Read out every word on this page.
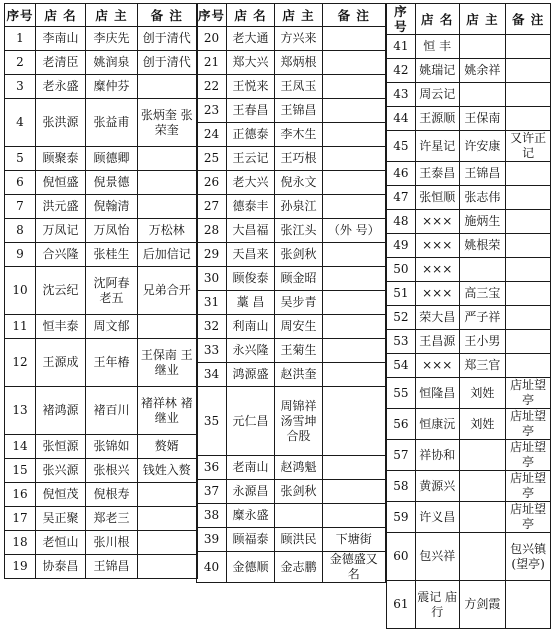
序号	店 名	店 主	备 注
1	李南山	李庆先	创于清代
2	老清臣	姚润泉	创于清代
3	老永盛	糜仲芬	
4	张洪源	张益甫	张炳奎 张荣奎
5	顾聚泰	顾德卿	
6	倪恒盛	倪景德	
7	洪元盛	倪翰清	
8	万凤记	万凤怡	万松林
9	合兴隆	张桂生	后加信记
10	沈云纪	沈阿春 老五	兄弟合开
11	恒丰泰	周文郁	
12	王源成	王年椿	王保南 王继业
13	褚鸿源	褚百川	褚祥林 褚继业
14	张恒源	张锦如	赘婿
15	张兴源	张根兴	钱姓入赘
16	倪恒茂	倪根寿	
17	吴正聚	郑老三	
18	老恒山	张川根	
19	协泰昌	王锦昌	
序号	店 名	店 主	备 注
20	老大通	方兴来	
21	郑大兴	郑炳根	
22	王悦来	王凤玉	
23	王春昌	王锦昌	
24	正德泰	李木生	
25	王云记	王巧根	
26	老大兴	倪永文	
27	德泰丰	孙泉江	
28	大昌福	张江头	（外 号）
29	天昌来	张剑秋	
30	顾俊泰	顾金昭	
31	藁 昌	吴步青	
32	利南山	周安生	
33	永兴隆	王菊生	
34	鸿源盛	赵洪奎	
35	元仁昌	周锦祥 汤雪坤 合股	
36	老南山	赵鸿魁	
37	永源昌	张剑秋	
38	糜永盛		
39	顾福泰	顾洪民	下塘街
40	金德顺	金志鹏	金德盛又名
序号	店 名	店 主	备 注
41	恒 丰		
42	姚瑞记	姚余祥	
43	周云记		
44	王源顺	王保南	
45	许星记	许安康	又许正记
46	王泰昌	王锦昌	
47	张恒顺	张志伟	
48	×××	施炳生	
49	×××	姚根荣	
50	×××		
51	×××	高三宝	
52	荣大昌	严子祥	
53	王昌源	王小男	
54	×××	郑三官	
55	恒隆昌	刘姓	店址望亭
56	恒康沅	刘姓	店址望亭
57	祥协和		店址望亭
58	黄源兴		店址望亭
59	许义昌		店址望亭
60	包兴祥		包兴镇 (望亭)
61	震记 庙行	方剑霞	
